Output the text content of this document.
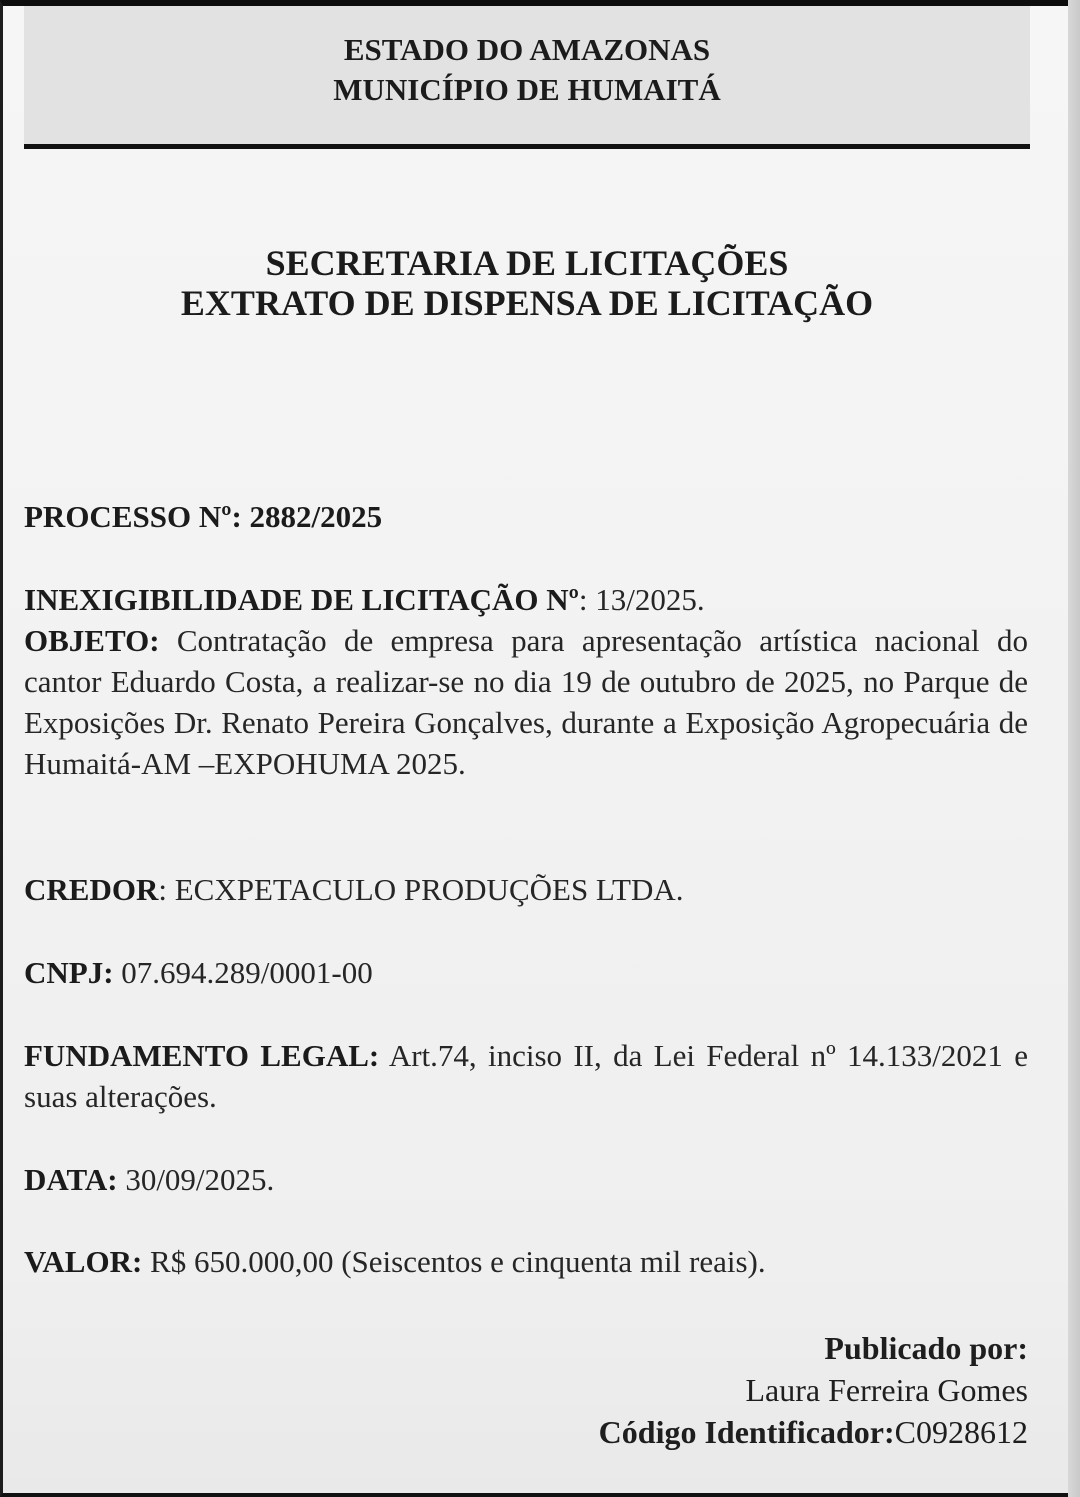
ESTADO DO AMAZONAS
MUNICÍPIO DE HUMAITÁ
SECRETARIA DE LICITAÇÕES
EXTRATO DE DISPENSA DE LICITAÇÃO
PROCESSO Nº: 2882/2025
INEXIGIBILIDADE DE LICITAÇÃO Nº: 13/2025.
OBJETO: Contratação de empresa para apresentação artística nacional do cantor Eduardo Costa, a realizar-se no dia 19 de outubro de 2025, no Parque de Exposições Dr. Renato Pereira Gonçalves, durante a Exposição Agropecuária de Humaitá-AM –EXPOHUMA 2025.
CREDOR: ECXPETACULO PRODUÇÕES LTDA.
CNPJ: 07.694.289/0001-00
FUNDAMENTO LEGAL: Art.74, inciso II, da Lei Federal nº 14.133/2021 e suas alterações.
DATA: 30/09/2025.
VALOR: R$ 650.000,00 (Seiscentos e cinquenta mil reais).
Publicado por:
Laura Ferreira Gomes
Código Identificador:C0928612
